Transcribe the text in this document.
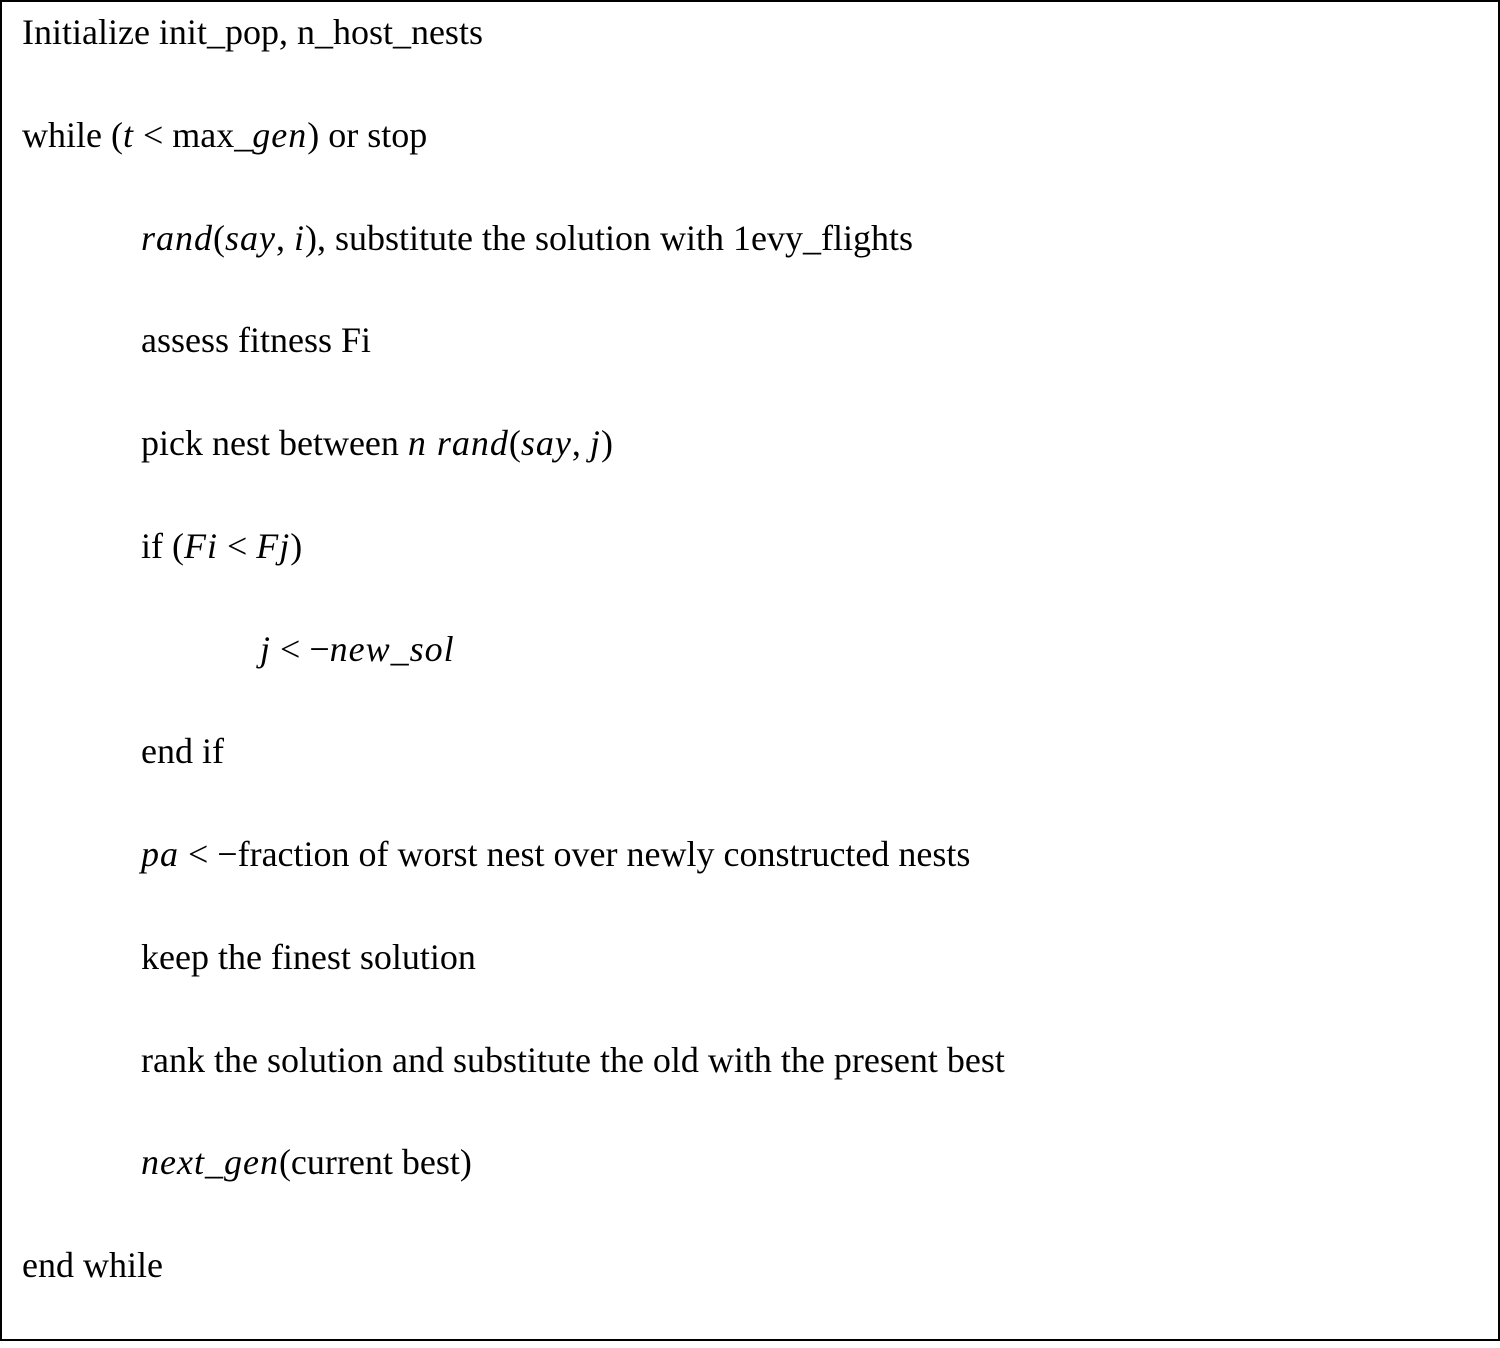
Initialize init_pop, n_host_nests
while (t < max_gen) or stop
rand(say, i), substitute the solution with 1evy_flights
assess fitness Fi
pick nest between n rand(say, j)
if (Fi < Fj)
j < −new_sol
end if
pa < −fraction of worst nest over newly constructed nests
keep the finest solution
rank the solution and substitute the old with the present best
next_gen(current best)
end while
